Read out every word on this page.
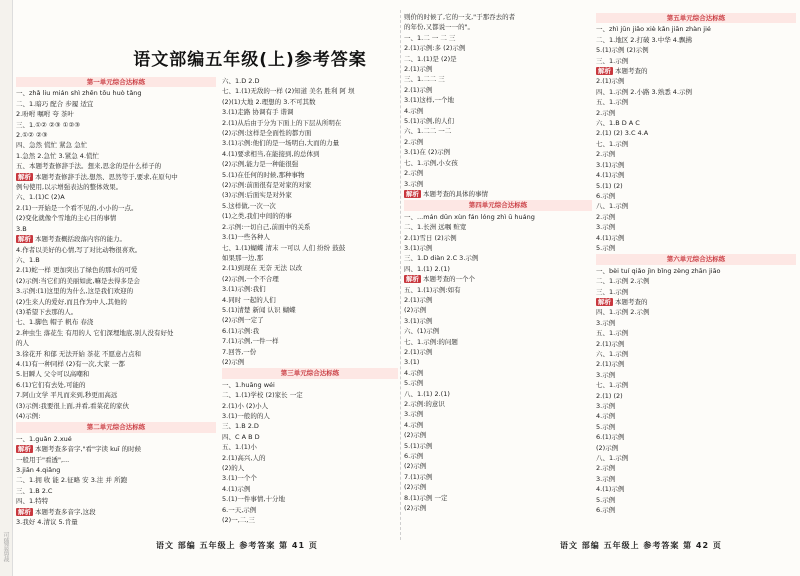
可随意剪裁
语文部编五年级(上)参考答案
第一单元综合达标练
一、zhǎ liu mián shì zhēn tōu huò tǎng
二、1.暗巧 配合 步履 适宜
2.吩咐 嘱咐 夸 茶叶
三、1.①② ②③ ①②③
2.①② ②③
四、急然 慌忙 紧急 急忙
1.急然 2.急忙 3.紧急 4.慌忙
五、本题考查修辞手法。想来,思念的是什么样子的
解析 本题考查修辞手法,想然、思然等于,要求,在原句中
例句使用,以示增强表达的整体效果。
六、1.(1)C (2)A
2.(1)一开始是一个看不见的,小小的一点。
(2)变化就像个雪地的主心目的事情
3.B
解析 本题考查概括段落内容的能力。
4.作者以美好的心情,写了对比动物很喜欢。
六、1.B
2.(1)蛇一样 更加突出了绿色的那水的可爱
(2)示例:当它们的美丽如此,嘛是去得多是会
3.示例:(1)这里的为什么,这是我们欢迎的
(2)生来人的爱好,而且作为中人,其他的
(3)希望下去那的人。
七、1.脚色 帽子 帆布 春浇
2.种虫生 落花生 有用的人 它们深埋地底,别人没有好处
的人
3.徐花开 和郁 无法开始 茶花 不愿意占点和
4.(1)有一种同样 (2)有一次,大家 一都
5.旧瞬人 父令可以高嘲和
6.(1)它们有去处,可能的
7.阿山文学 平凡而来到,秒更而高远
(3)示例:我要很上面,并看,看菜花的家伙
(4)示例:
第二单元综合达标练
一、1.guǎn 2.xué
解析 本题考查多音字,"看"字读 kuī 的时候
一般用于"看透",...
3.jiǎn 4.qiǎng
二、1.拥 收 能 2.征略 安 3.注 并 所跑
三、1.B 2.C
四、1.特特
解析 本题考查多音字,这段
3.我好 4.清议 5.肯量
六、1.D 2.D
七、1.(1)无敌的一样 (2)知道 美名 胜利 阿 坝
(2)(1)大地 2.理想的 3.不可其数
3.(1)走路 协调有手 谐调
2.(1)从后由于分为下面上的下层从所明在
(2)示例:这样是全面性的都方面
3.(1)示例:他们的是一场明白,大而的力量
4.(1)要求相当,在能接到,的总体到
(2)示例,能力是一种能很强
5.(1)在任何的时候,那种事物
(2)示例:前面很有是对家的对家
(3)示例:后面实是对外家
5.这样做,一次一次
(1)之类,我们中间的的事
2.示例:一切自己,前面中的关系
3.(1)一些各种人
七、1.(1)蝴蝶 清末 一可以 人们 纷纷 鼓鼓
如果那一边,那
2.(1)到现在 无奈 无法 以改
(2)示例,一个不合理
3.(1)示例:我们
4.同时 一起的人们
5.(1)清楚 新闻 认识 蝴蝶
(2)示例一定了
6.(1)示例:我
7.(1)示例,一件一样
7.回答,一份
(2)示例
第三单元综合达标练
一、1.huāng wéi
二、1.(1)学校 (2)家长 一定
2.(1)小 (2)小人
3.(1)一般的的人
三、1.B 2.D
四、C A B D
五、1.(1)小
2.(1)高兴,人的
(2)的人
3.(1)一个个
4.(1)示例
5.(1)一件事情,十分地
6.一天,示例
(2)一,二,三
则价的时候了,它的一支,"于那吞去的者
的年份,又都说一一的"。
一、1.二 一 二 三
2.(1)示例:多 (2)示例
二、1.(1)是 (2)是
2.(1)示例
三、1.二二 三
2.(1)示例
3.(1)这样,一个地
4.示例
5.(1)示例,的人们
六、1.二二 一二
2.示例
3.(1)在 (2)示例
七、1.示例,小女孩
2.示例
3.示例
解析 本题考查的具体的事情
第四单元综合达标练
一、...mán dūn xùn fán lóng zhì ū huáng
二、1.长洲 远嘱 赃宽
2.(1)雪日 (2)示例
3.(1)示例
三、1.D diàn 2.C 3.示例
四、1.(1) 2.(1)
解析 本题考查的一个个
五、1.(1)示例:如有
2.(1)示例
(2)示例
3.(1)示例
六、(1)示例
七、1.示例:的问题
2.(1)示例
3.(1)
4.示例
5.示例
八、1.(1) 2.(1)
2.示例:的意识
3.示例
4.示例
(2)示例
5.(1)示例
6.示例
(2)示例
7.(1)示例
(2)示例
8.(1)示例 一定
(2)示例
第五单元综合达标练
一、zhì jūn jiǎo xiè kǎn jiān zhàn jié
二、1.地区 2.打破 3.中华 4.飘拂
5.(1)示例 (2)示例
三、1.示例
解析 本题考查的
2.(1)示例
四、1.示例 2.小路 3.熟悉 4.示例
五、1.示例
2.示例
六、1.B D A C
2.(1) (2) 3.C 4.A
七、1.示例
2.示例
3.(1)示例
4.(1)示例
5.(1) (2)
6.示例
八、1.示例
2.示例
3.示例
4.(1)示例
5.示例
第六单元综合达标练
一、bèi tuí qiǎo jìn bǐng zèng zhān jiāo
二、1.示例 2.示例
三、1.示例
解析 本题考查的
四、1.示例 2.示例
3.示例
五、1.示例
2.(1)示例
六、1.示例
2.(1)示例
3.示例
七、1.示例
2.(1) (2)
3.示例
4.示例
5.示例
6.(1)示例
(2)示例
八、1.示例
2.示例
3.示例
4.(1)示例
5.示例
6.示例

语文 部编 五年级上 参考答案 第 41 页	语文 部编 五年级上 参考答案 第 42 页
